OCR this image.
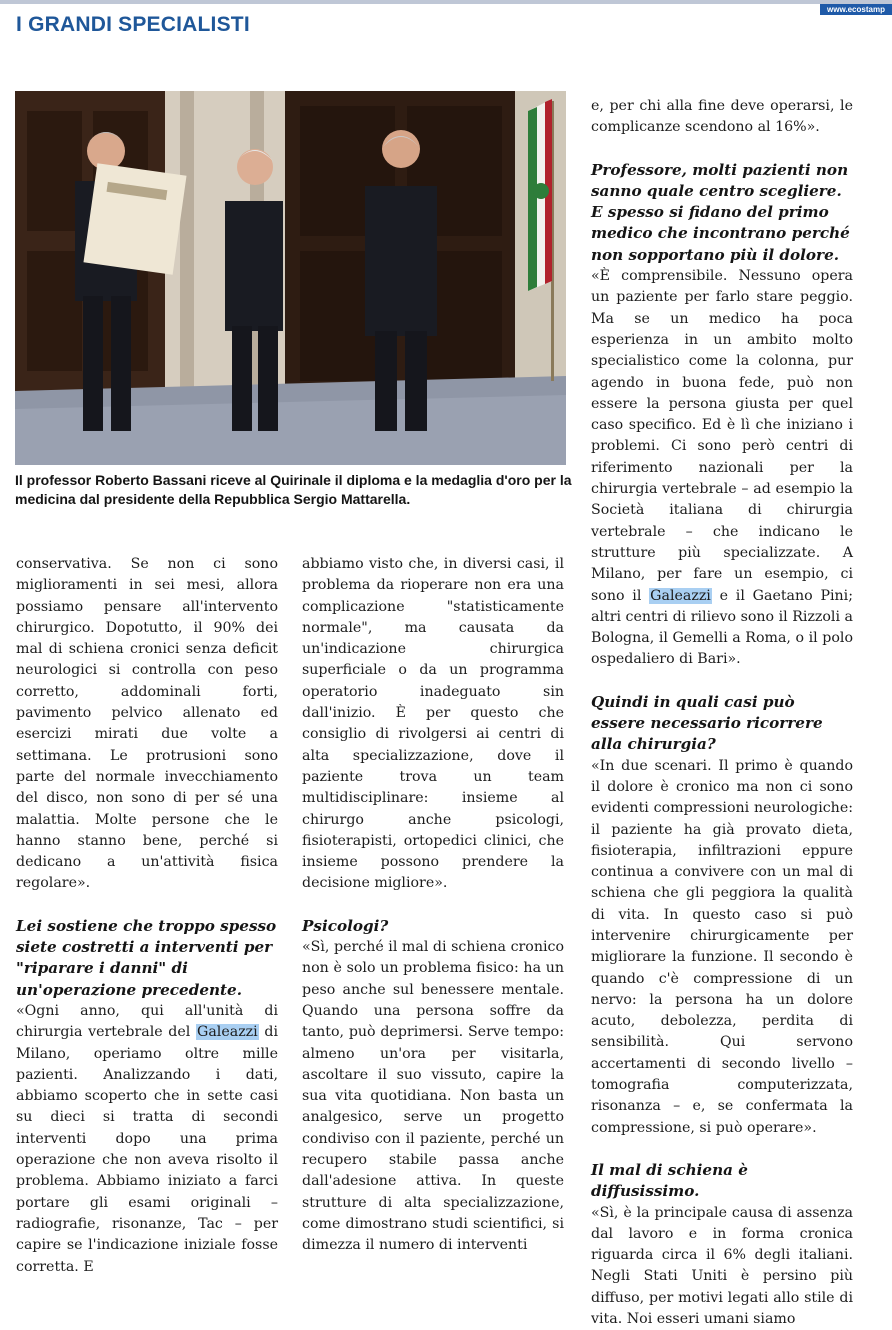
I GRANDI SPECIALISTI
www.ecostamp

Il professor Roberto Bassani riceve al Quirinale il diploma e la medaglia d'oro per la medicina dal presidente della Repubblica Sergio Mattarella.

conservativa. Se non ci sono miglioramenti in sei mesi, allora possiamo pensare all'intervento chirurgico. Dopotutto, il 90% dei mal di schiena cronici senza deficit neurologici si controlla con peso corretto, addominali forti, pavimento pelvico allenato ed esercizi mirati due volte a settimana. Le protrusioni sono parte del normale invecchiamento del disco, non sono di per sé una malattia. Molte persone che le hanno stanno bene, perché si dedicano a un'attività fisica regolare».

Lei sostiene che troppo spesso siete costretti a interventi per "riparare i danni" di un'operazione precedente.

«Ogni anno, qui all'unità di chirurgia vertebrale del Galeazzi di Milano, operiamo oltre mille pazienti. Analizzando i dati, abbiamo scoperto che in sette casi su dieci si tratta di secondi interventi dopo una prima operazione che non aveva risolto il problema. Abbiamo iniziato a farci portare gli esami originali – radiografie, risonanze, Tac – per capire se l'indicazione iniziale fosse corretta. E

abbiamo visto che, in diversi casi, il problema da rioperare non era una complicazione "statisticamente normale", ma causata da un'indicazione chirurgica superficiale o da un programma operatorio inadeguato sin dall'inizio. È per questo che consiglio di rivolgersi ai centri di alta specializzazione, dove il paziente trova un team multidisciplinare: insieme al chirurgo anche psicologi, fisioterapisti, ortopedici clinici, che insieme possono prendere la decisione migliore».

Psicologi?

«Sì, perché il mal di schiena cronico non è solo un problema fisico: ha un peso anche sul benessere mentale. Quando una persona soffre da tanto, può deprimersi. Serve tempo: almeno un'ora per visitarla, ascoltare il suo vissuto, capire la sua vita quotidiana. Non basta un analgesico, serve un progetto condiviso con il paziente, perché un recupero stabile passa anche dall'adesione attiva. In queste strutture di alta specializzazione, come dimostrano studi scientifici, si dimezza il numero di interventi

e, per chi alla fine deve operarsi, le complicanze scendono al 16%».

Professore, molti pazienti non sanno quale centro scegliere. E spesso si fidano del primo medico che incontrano perché non sopportano più il dolore.

«È comprensibile. Nessuno opera un paziente per farlo stare peggio. Ma se un medico ha poca esperienza in un ambito molto specialistico come la colonna, pur agendo in buona fede, può non essere la persona giusta per quel caso specifico. Ed è lì che iniziano i problemi. Ci sono però centri di riferimento nazionali per la chirurgia vertebrale – ad esempio la Società italiana di chirurgia vertebrale – che indicano le strutture più specializzate. A Milano, per fare un esempio, ci sono il Galeazzi e il Gaetano Pini; altri centri di rilievo sono il Rizzoli a Bologna, il Gemelli a Roma, o il polo ospedaliero di Bari».

Quindi in quali casi può essere necessario ricorrere alla chirurgia?

«In due scenari. Il primo è quando il dolore è cronico ma non ci sono evidenti compressioni neurologiche: il paziente ha già provato dieta, fisioterapia, infiltrazioni eppure continua a convivere con un mal di schiena che gli peggiora la qualità di vita. In questo caso si può intervenire chirurgicamente per migliorare la funzione. Il secondo è quando c'è compressione di un nervo: la persona ha un dolore acuto, debolezza, perdita di sensibilità. Qui servono accertamenti di secondo livello – tomografia computerizzata, risonanza – e, se confermata la compressione, si può operare».

Il mal di schiena è diffusissimo.

«Sì, è la principale causa di assenza dal lavoro e in forma cronica riguarda circa il 6% degli italiani. Negli Stati Uniti è persino più diffuso, per motivi legati allo stile di vita. Noi esseri umani siamo
